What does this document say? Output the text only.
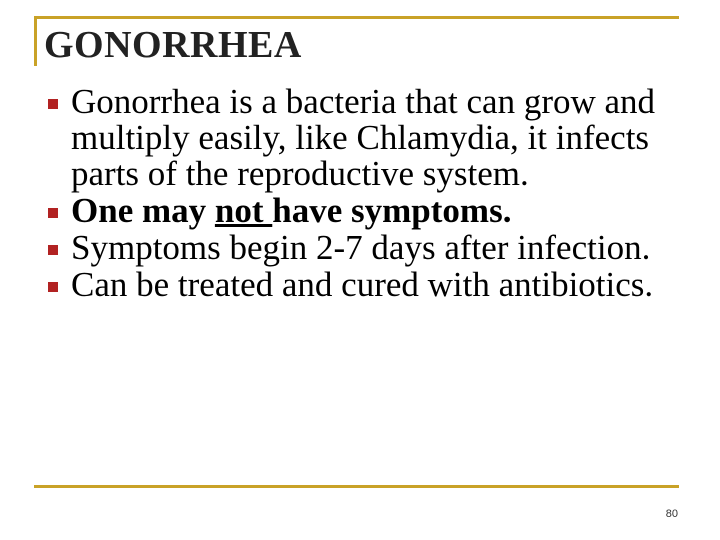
GONORRHEA
Gonorrhea is a bacteria that can grow and multiply easily, like Chlamydia, it infects parts of the reproductive system.
One may not have symptoms.
Symptoms begin 2-7 days after infection.
Can be treated and cured with antibiotics.
80
